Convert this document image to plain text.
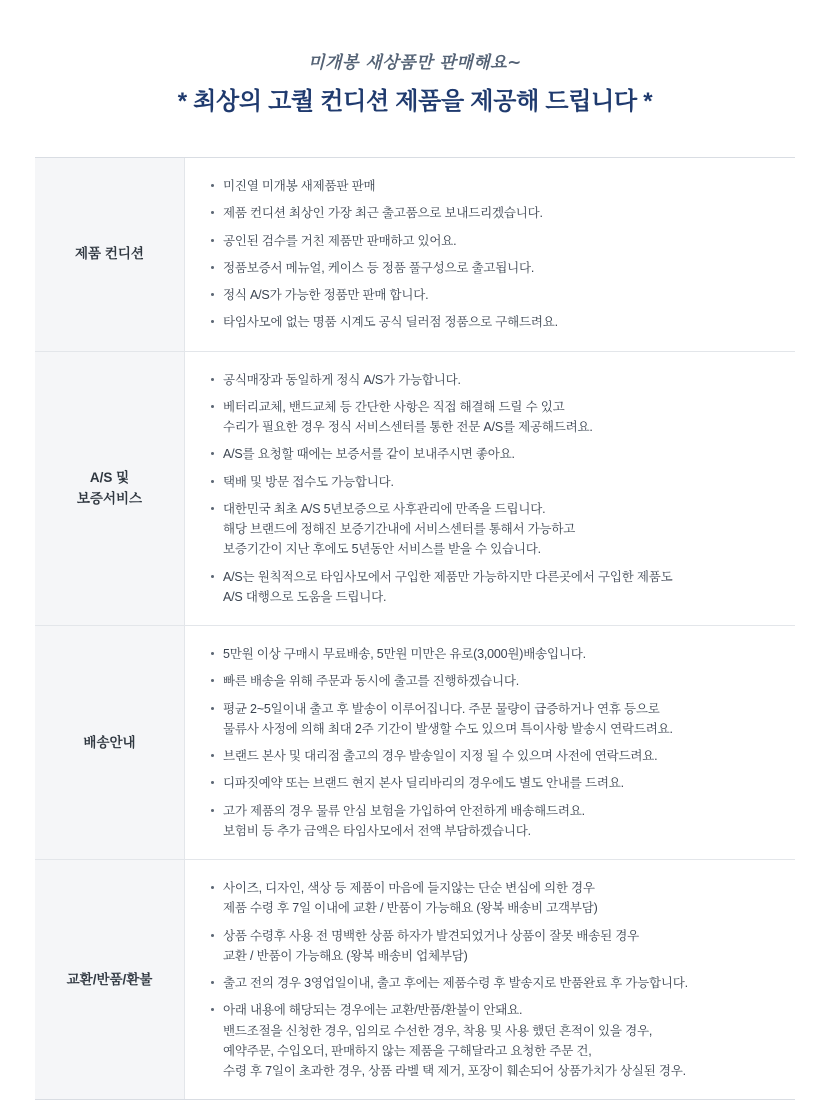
미개봉 새상품만 판매해요~
* 최상의 고퀄 컨디션 제품을 제공해 드립니다 *
제품 컨디션
미진열 미개봉 새제품판 판매
제품 컨디션 최상인 가장 최근 출고품으로 보내드리겠습니다.
공인된 검수를 거친 제품만 판매하고 있어요.
정품보증서 메뉴얼, 케이스 등 정품 풀구성으로 출고됩니다.
정식 A/S가 가능한 정품만 판매 합니다.
타임사모에 없는 명품 시계도 공식 딜러점 정품으로 구해드려요.
A/S 및
보증서비스
공식매장과 동일하게 정식 A/S가 가능합니다.
베터리교체, 밴드교체 등 간단한 사항은 직접 해결해 드릴 수 있고
수리가 필요한 경우 정식 서비스센터를 통한 전문 A/S를 제공해드려요.
A/S를 요청할 때에는 보증서를 같이 보내주시면 좋아요.
택배 및 방문 접수도 가능합니다.
대한민국 최초 A/S 5년보증으로 사후관리에 만족을 드립니다.
해당 브랜드에 정해진 보증기간내에 서비스센터를 통해서 가능하고
보증기간이 지난 후에도 5년동안 서비스를 받을 수 있습니다.
A/S는 원칙적으로 타임사모에서 구입한 제품만 가능하지만 다른곳에서 구입한 제품도
A/S 대행으로 도움을 드립니다.
배송안내
5만원 이상 구매시 무료배송, 5만원 미만은 유로(3,000원)배송입니다.
빠른 배송을 위해 주문과 동시에 출고를 진행하겠습니다.
평균 2~5일이내 출고 후 발송이 이루어집니다. 주문 물량이 급증하거나 연휴 등으로
물류사 사정에 의해 최대 2주 기간이 발생할 수도 있으며 특이사항 발송시 연락드려요.
브랜드 본사 및 대리점 출고의 경우 발송일이 지정 될 수 있으며 사전에 연락드려요.
디파짓예약 또는 브랜드 현지 본사 딜리바리의 경우에도 별도 안내를 드려요.
고가 제품의 경우 물류 안심 보험을 가입하여 안전하게 배송해드려요.
보험비 등 추가 금액은 타임사모에서 전액 부담하겠습니다.
교환/반품/환불
사이즈, 디자인, 색상 등 제품이 마음에 들지않는 단순 변심에 의한 경우
제품 수령 후 7일 이내에 교환 / 반품이 가능해요 (왕복 배송비 고객부담)
상품 수령후 사용 전 명백한 상품 하자가 발견되었거나 상품이 잘못 배송된 경우
교환 / 반품이 가능해요 (왕복 배송비 업체부담)
출고 전의 경우 3영업일이내, 출고 후에는 제품수령 후 발송지로 반품완료 후 가능합니다.
아래 내용에 해당되는 경우에는 교환/반품/환불이 안돼요.
밴드조절을 신청한 경우, 임의로 수선한 경우, 착용 및 사용 했던 흔적이 있을 경우,
예약주문, 수입오더, 판매하지 않는 제품을 구해달라고 요청한 주문 건,
수령 후 7일이 초과한 경우, 상품 라벨 택 제거, 포장이 훼손되어 상품가치가 상실된 경우.
